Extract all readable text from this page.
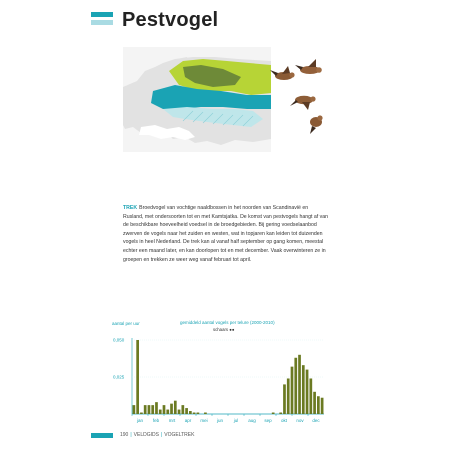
Pestvogel

TREK Broedvogel van vochtige naaldbossen in het noorden van Scandinavië en Rusland, met ondersoorten tot en met Kamtsjatka. De komst van pestvogels hangt af van de beschikbare hoeveelheid voedsel in de broedgebieden. Bij gering voedselaanbod zwerven de vogels naar het zuiden en westen, wat in topjaren kan leiden tot duizenden vogels in heel Nederland. De trek kan al vanaf half september op gang komen, meestal echter een maand later, en kan doorlopen tot en met december. Vaak overwinteren ze in groepen en trekken ze weer weg vanaf februari tot april.

aantal per uur	gemiddeld aantal vogels per telure (2000-2010)
schaars ●●
0,050
0,025
jan feb mrt apr mei jun jul aug sep okt nov dec
190 | VELDGIDS | VOGELTREK
